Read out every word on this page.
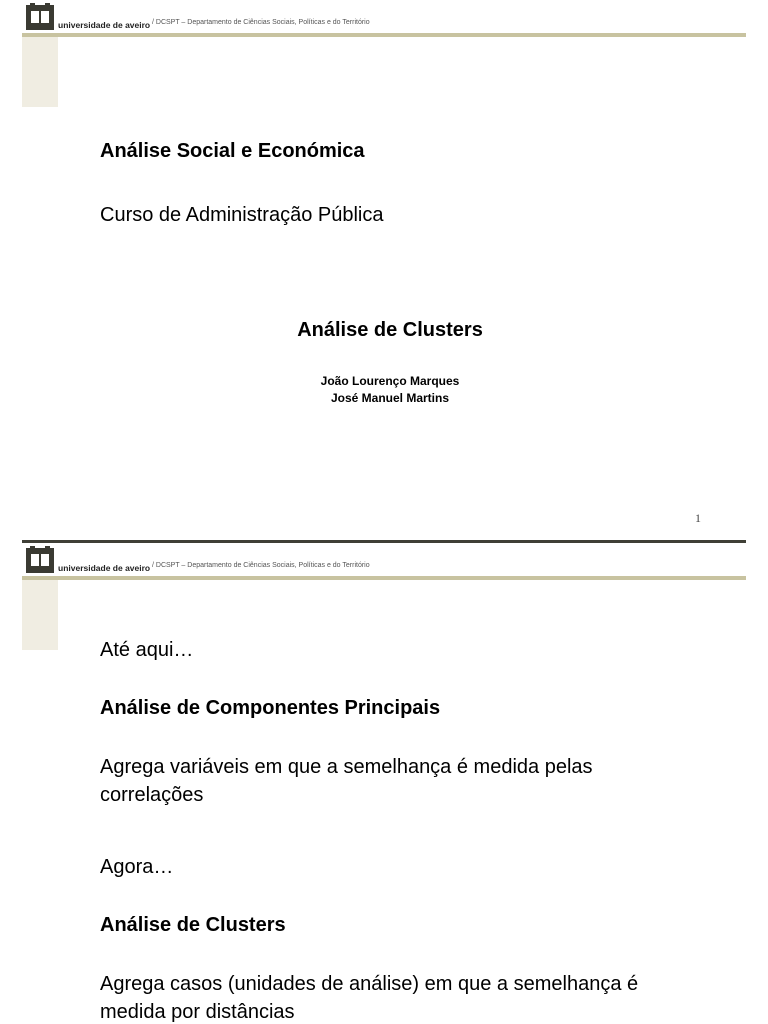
universidade de aveiro / DCSPT – Departamento de Ciências Sociais, Políticas e do Território
Análise Social e Económica
Curso de Administração Pública
Análise de Clusters
João Lourenço Marques
José Manuel Martins
1
universidade de aveiro / DCSPT – Departamento de Ciências Sociais, Políticas e do Território
Até aqui…
Análise de Componentes Principais
Agrega variáveis em que a semelhança é medida pelas correlações
Agora…
Análise de Clusters
Agrega casos (unidades de análise) em que a semelhança é medida por distâncias
